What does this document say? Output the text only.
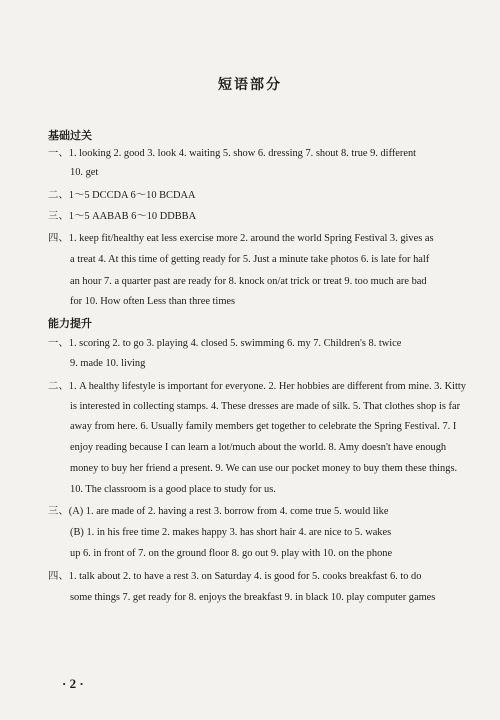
短语部分
基础过关
一、1. looking 2. good 3. look 4. waiting 5. show 6. dressing 7. shout 8. true 9. different
10. get
二、1～5 DCCDA 6～10 BCDAA
三、1～5 AABAB 6～10 DDBBA
四、1. keep fit/healthy eat less exercise more 2. around the world Spring Festival 3. gives as
a treat 4. At this time of getting ready for 5. Just a minute take photos 6. is late for half
an hour 7. a quarter past are ready for 8. knock on/at trick or treat 9. too much are bad
for 10. How often Less than three times
能力提升
一、1. scoring 2. to go 3. playing 4. closed 5. swimming 6. my 7. Children's 8. twice
9. made 10. living
二、1. A healthy lifestyle is important for everyone. 2. Her hobbies are different from mine. 3. Kitty
is interested in collecting stamps. 4. These dresses are made of silk. 5. That clothes shop is far
away from here. 6. Usually family members get together to celebrate the Spring Festival. 7. I
enjoy reading because I can learn a lot/much about the world. 8. Amy doesn't have enough
money to buy her friend a present. 9. We can use our pocket money to buy them these things.
10. The classroom is a good place to study for us.
三、(A) 1. are made of 2. having a rest 3. borrow from 4. come true 5. would like
(B) 1. in his free time 2. makes happy 3. has short hair 4. are nice to 5. wakes
up 6. in front of 7. on the ground floor 8. go out 9. play with 10. on the phone
四、1. talk about 2. to have a rest 3. on Saturday 4. is good for 5. cooks breakfast 6. to do
some things 7. get ready for 8. enjoys the breakfast 9. in black 10. play computer games
· 2 ·
